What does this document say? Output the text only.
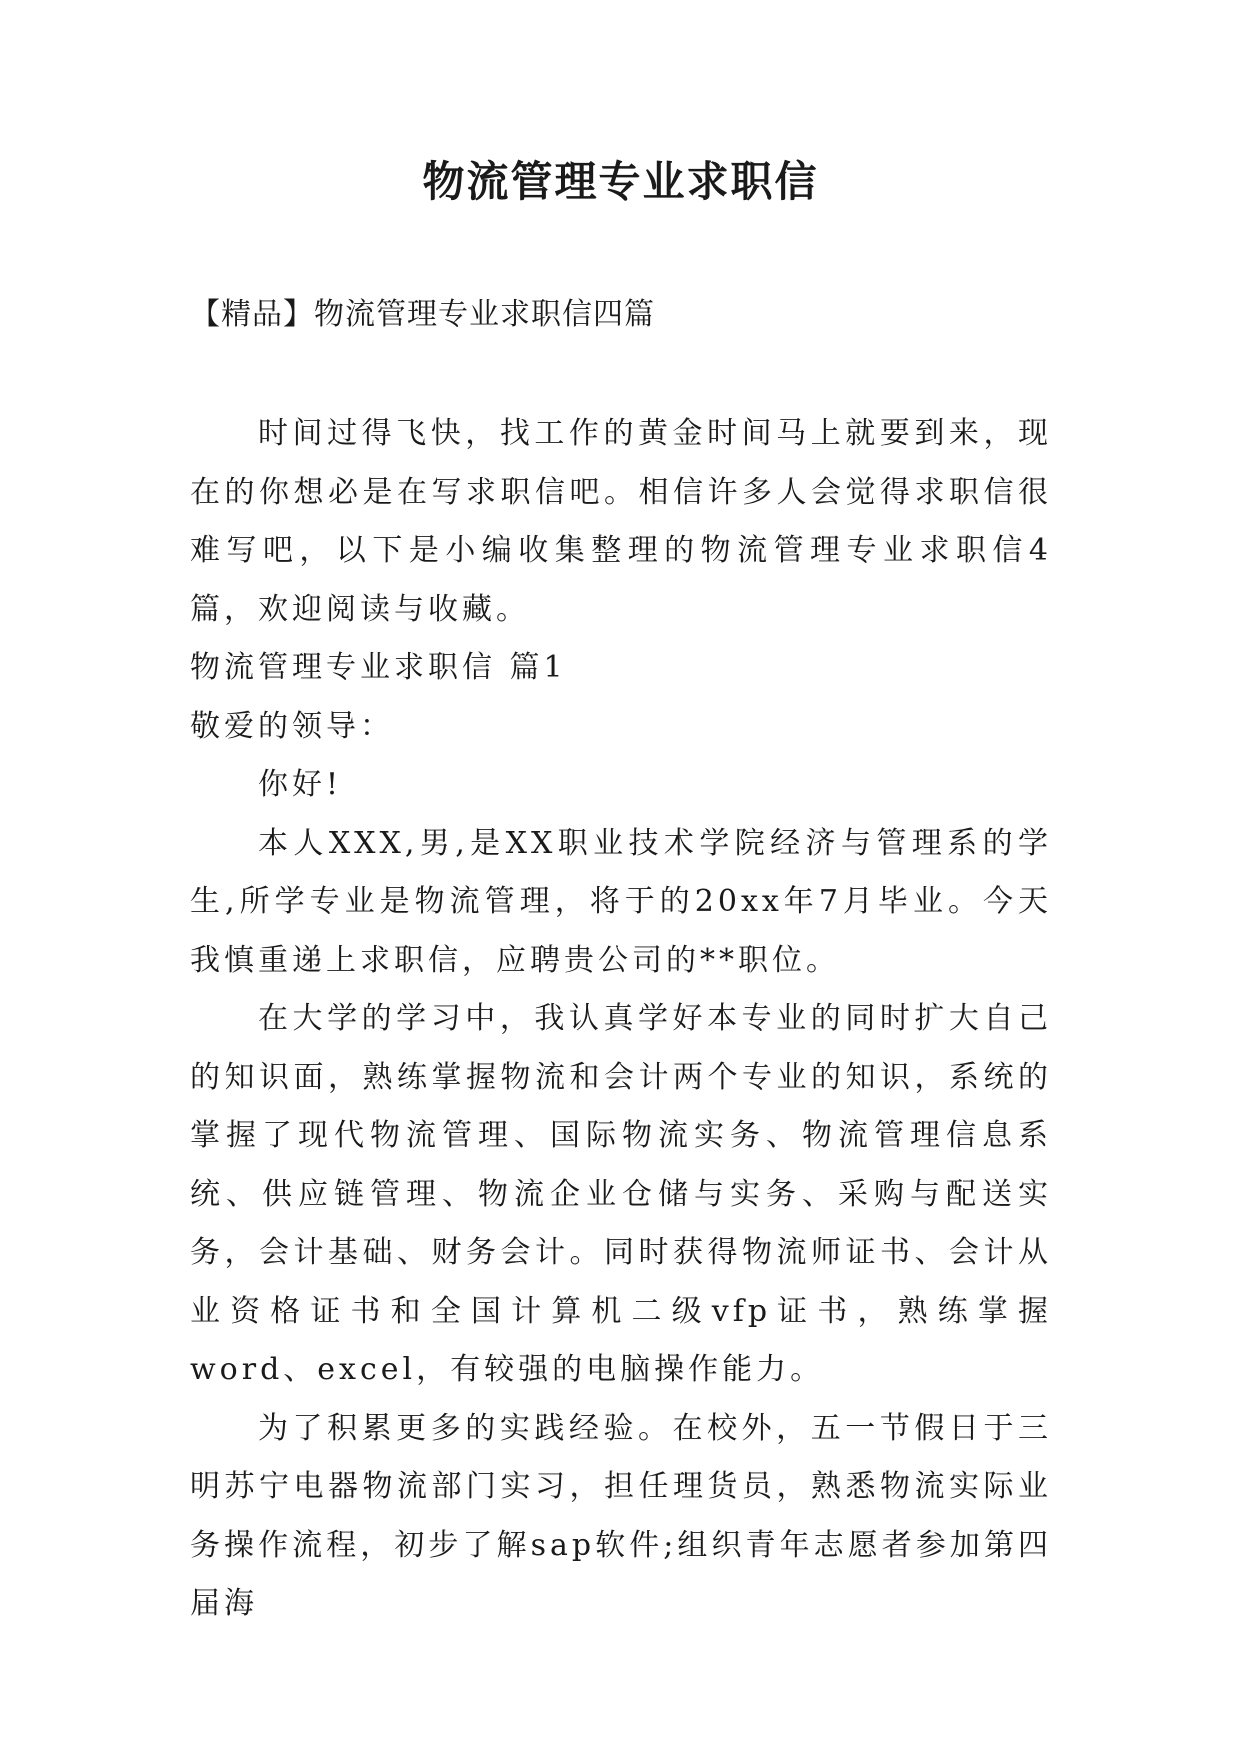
物流管理专业求职信

【精品】物流管理专业求职信四篇

时间过得飞快，找工作的黄金时间马上就要到来，现在的你想必是在写求职信吧。相信许多人会觉得求职信很难写吧，以下是小编收集整理的物流管理专业求职信4篇，欢迎阅读与收藏。

物流管理专业求职信 篇1

敬爱的领导：

你好!

本人XXX,男,是XX职业技术学院经济与管理系的学生,所学专业是物流管理，将于的20xx年7月毕业。今天我慎重递上求职信，应聘贵公司的**职位。

在大学的学习中，我认真学好本专业的同时扩大自己的知识面，熟练掌握物流和会计两个专业的知识，系统的掌握了现代物流管理、国际物流实务、物流管理信息系统、供应链管理、物流企业仓储与实务、采购与配送实务，会计基础、财务会计。同时获得物流师证书、会计从业资格证书和全国计算机二级vfp证书，熟练掌握word、excel，有较强的电脑操作能力。

为了积累更多的实践经验。在校外，五一节假日于三明苏宁电器物流部门实习，担任理货员，熟悉物流实际业务操作流程，初步了解sap软件;组织青年志愿者参加第四届海
